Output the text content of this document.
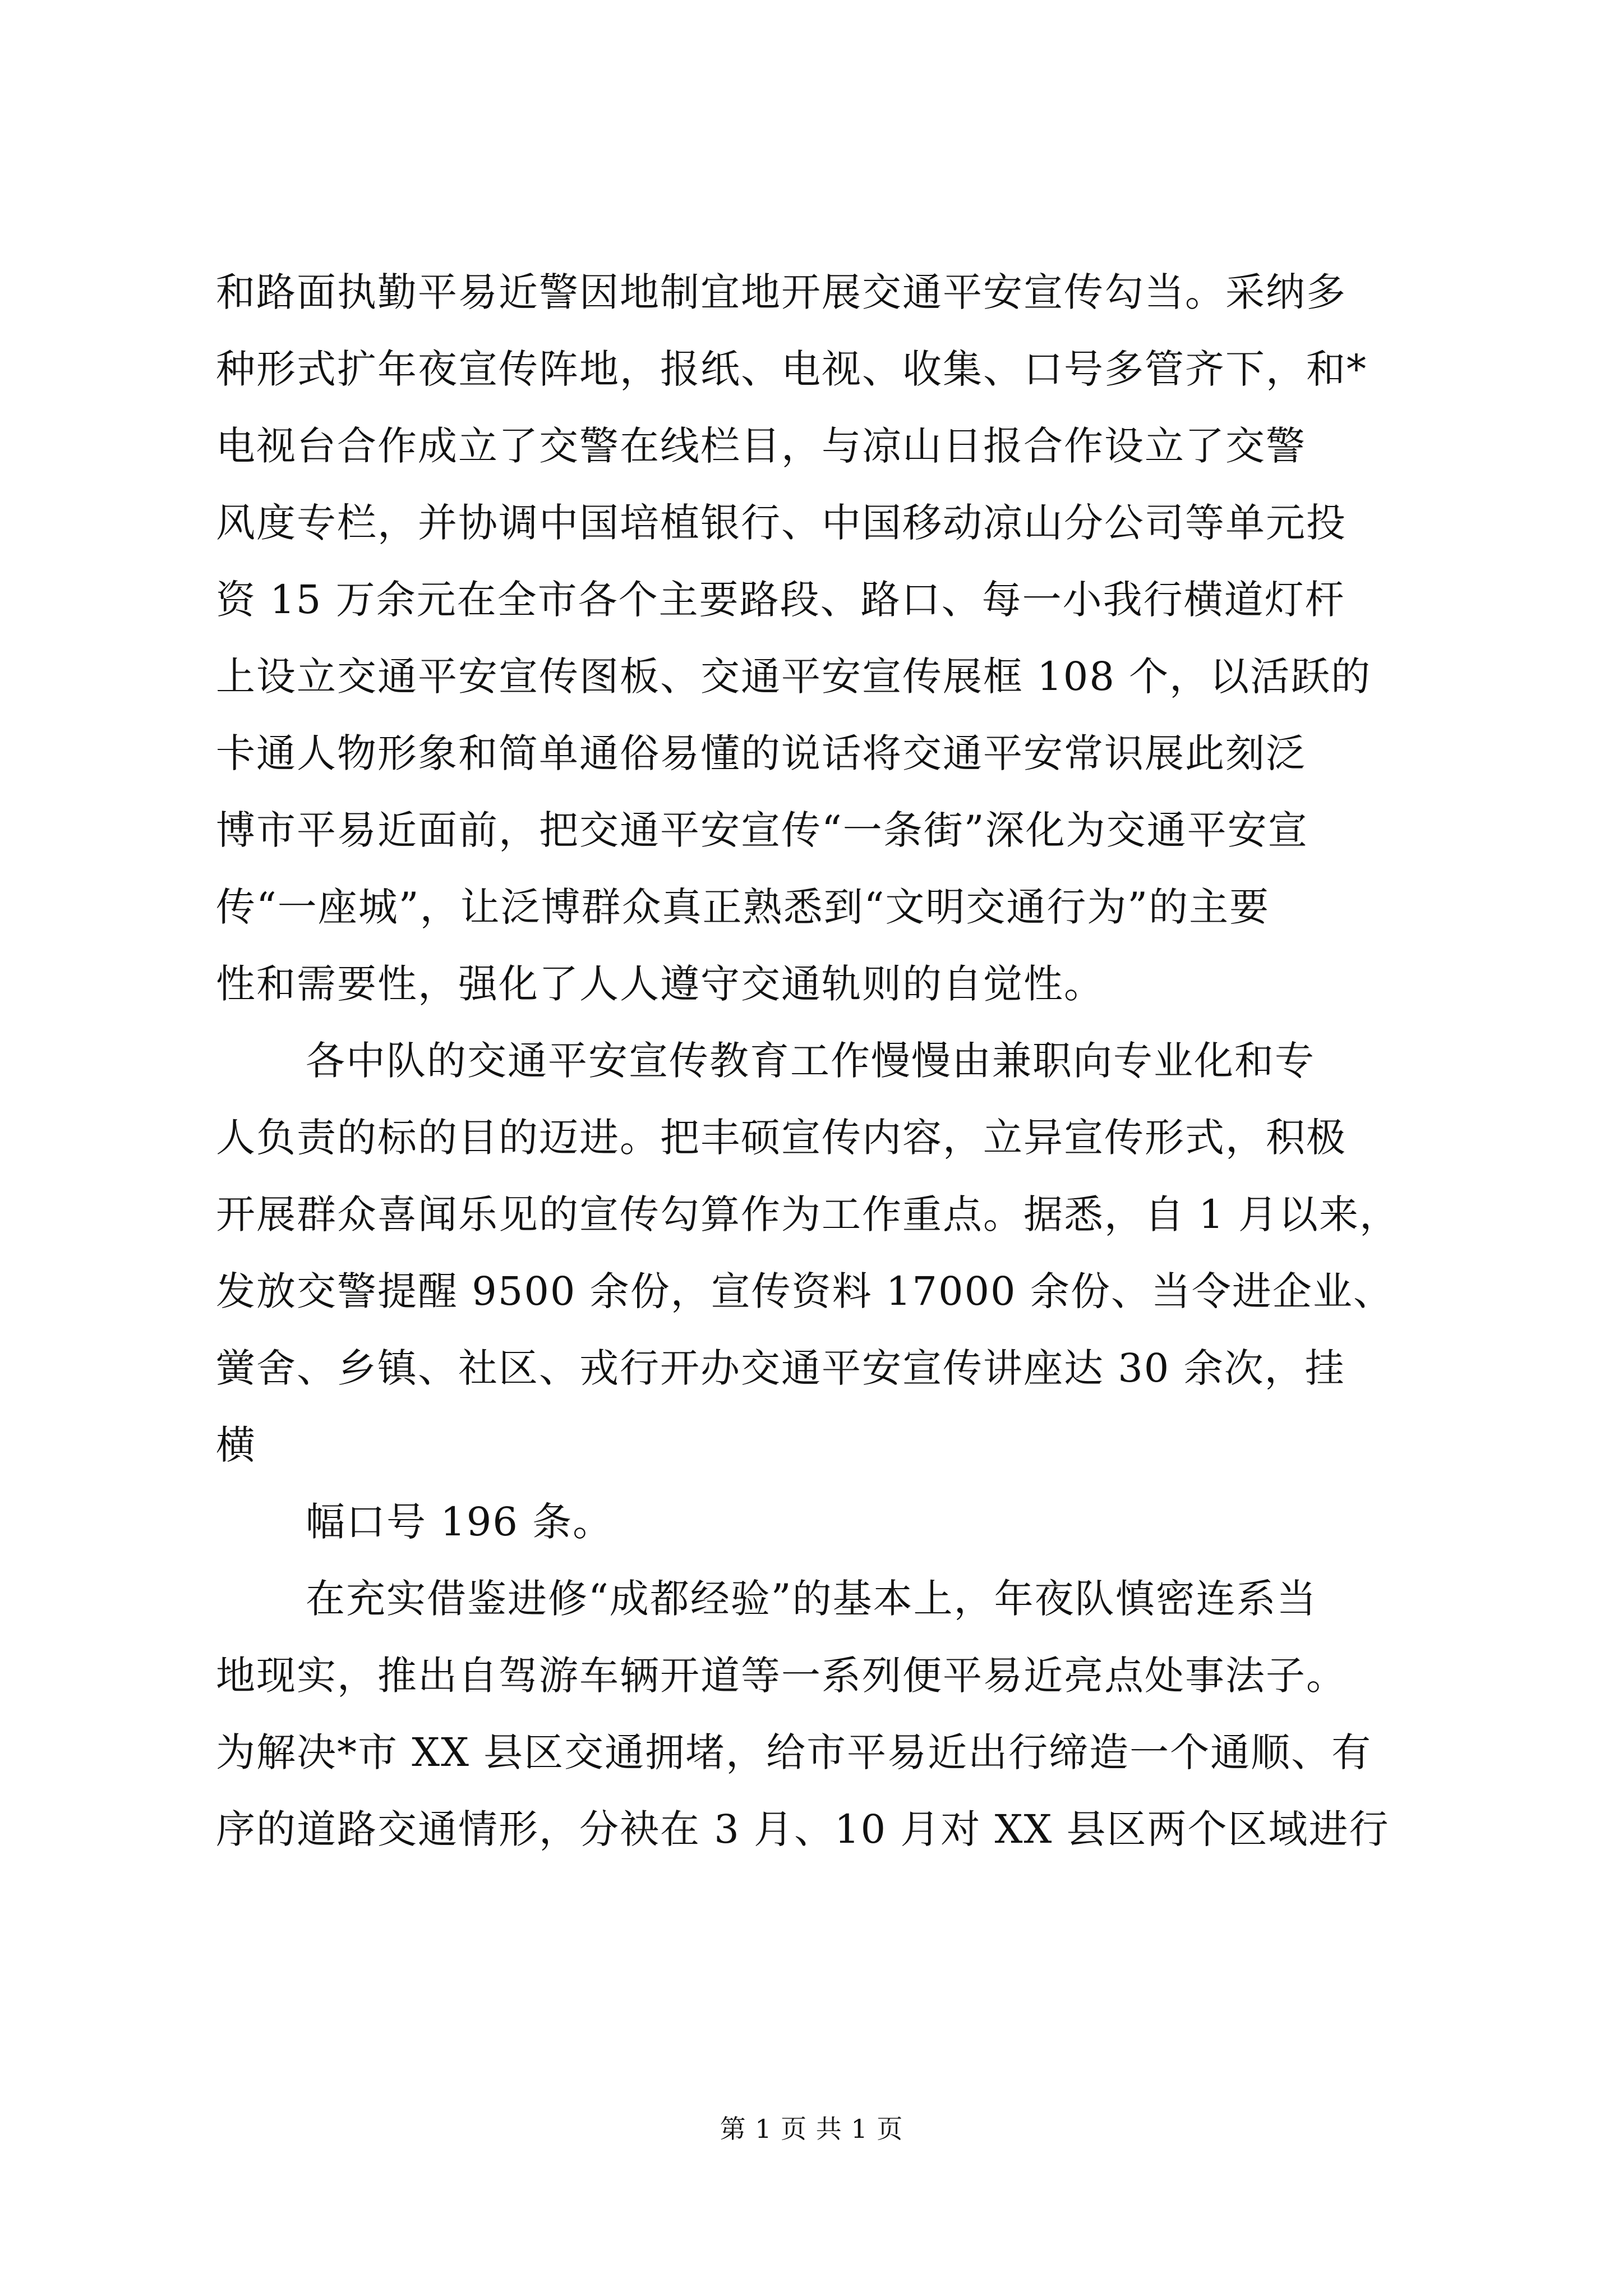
和路面执勤平易近警因地制宜地开展交通平安宣传勾当。采纳多
种形式扩年夜宣传阵地，报纸、电视、收集、口号多管齐下，和*
电视台合作成立了交警在线栏目，与凉山日报合作设立了交警
风度专栏，并协调中国培植银行、中国移动凉山分公司等单元投
资 15 万余元在全市各个主要路段、路口、每一小我行横道灯杆
上设立交通平安宣传图板、交通平安宣传展框 108 个，以活跃的
卡通人物形象和简单通俗易懂的说话将交通平安常识展此刻泛
博市平易近面前，把交通平安宣传“一条街”深化为交通平安宣
传“一座城”，让泛博群众真正熟悉到“文明交通行为”的主要
性和需要性，强化了人人遵守交通轨则的自觉性。
各中队的交通平安宣传教育工作慢慢由兼职向专业化和专
人负责的标的目的迈进。把丰硕宣传内容，立异宣传形式，积极
开展群众喜闻乐见的宣传勾算作为工作重点。据悉，自 1 月以来，
发放交警提醒 9500 余份，宣传资料 17000 余份、当令进企业、
黉舍、乡镇、社区、戎行开办交通平安宣传讲座达 30 余次，挂
横
幅口号 196 条。
在充实借鉴进修“成都经验”的基本上，年夜队慎密连系当
地现实，推出自驾游车辆开道等一系列便平易近亮点处事法子。
为解决*市 XX 县区交通拥堵，给市平易近出行缔造一个通顺、有
序的道路交通情形，分袂在 3 月、10 月对 XX 县区两个区域进行
第 1 页 共 1 页
